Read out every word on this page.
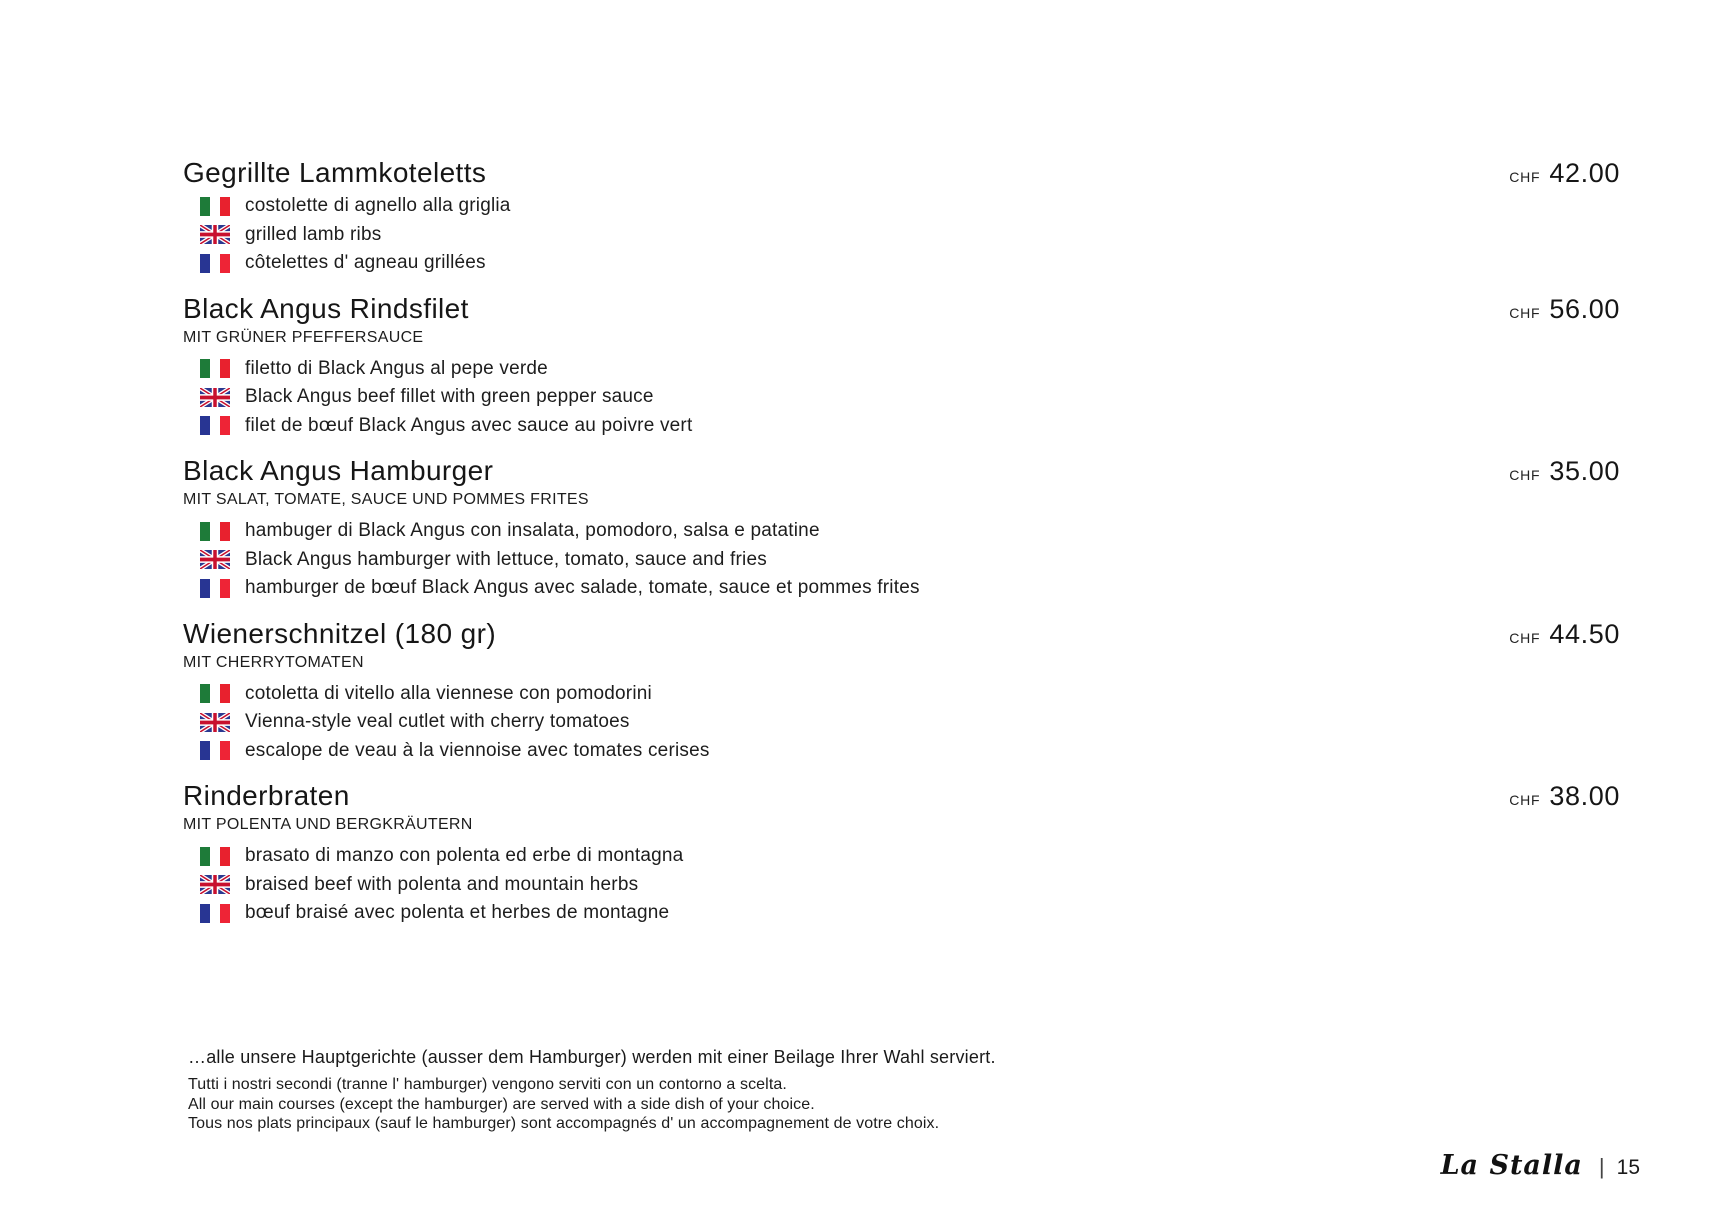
Gegrillte Lammkoteletts	CHF 42.00
costolette di agnello alla griglia
grilled lamb ribs
côtelettes d' agneau grillées
Black Angus Rindsfilet	CHF 56.00
MIT GRÜNER PFEFFERSAUCE
filetto di Black Angus al pepe verde
Black Angus beef fillet with green pepper sauce
filet de bœuf Black Angus avec sauce au poivre vert
Black Angus Hamburger	CHF 35.00
MIT SALAT, TOMATE, SAUCE UND POMMES FRITES
hambuger di Black Angus con insalata, pomodoro, salsa e patatine
Black Angus hamburger with lettuce, tomato, sauce and fries
hamburger de bœuf Black Angus avec salade, tomate, sauce et pommes frites
Wienerschnitzel (180 gr)	CHF 44.50
MIT CHERRYTOMATEN
cotoletta di vitello alla viennese con pomodorini
Vienna-style veal cutlet with cherry tomatoes
escalope de veau à la viennoise avec tomates cerises
Rinderbraten	CHF 38.00
MIT POLENTA UND BERGKRÄUTERN
brasato di manzo con polenta ed erbe di montagna
braised beef with polenta and mountain herbs
bœuf braisé avec polenta et herbes de montagne
…alle unsere Hauptgerichte (ausser dem Hamburger) werden mit einer Beilage Ihrer Wahl serviert.
Tutti i nostri secondi (tranne l' hamburger) vengono serviti con un contorno a scelta.
All our main courses (except the hamburger) are served with a side dish of your choice.
Tous nos plats principaux (sauf le hamburger) sont accompagnés d' un accompagnement de votre choix.
La Stalla | 15
